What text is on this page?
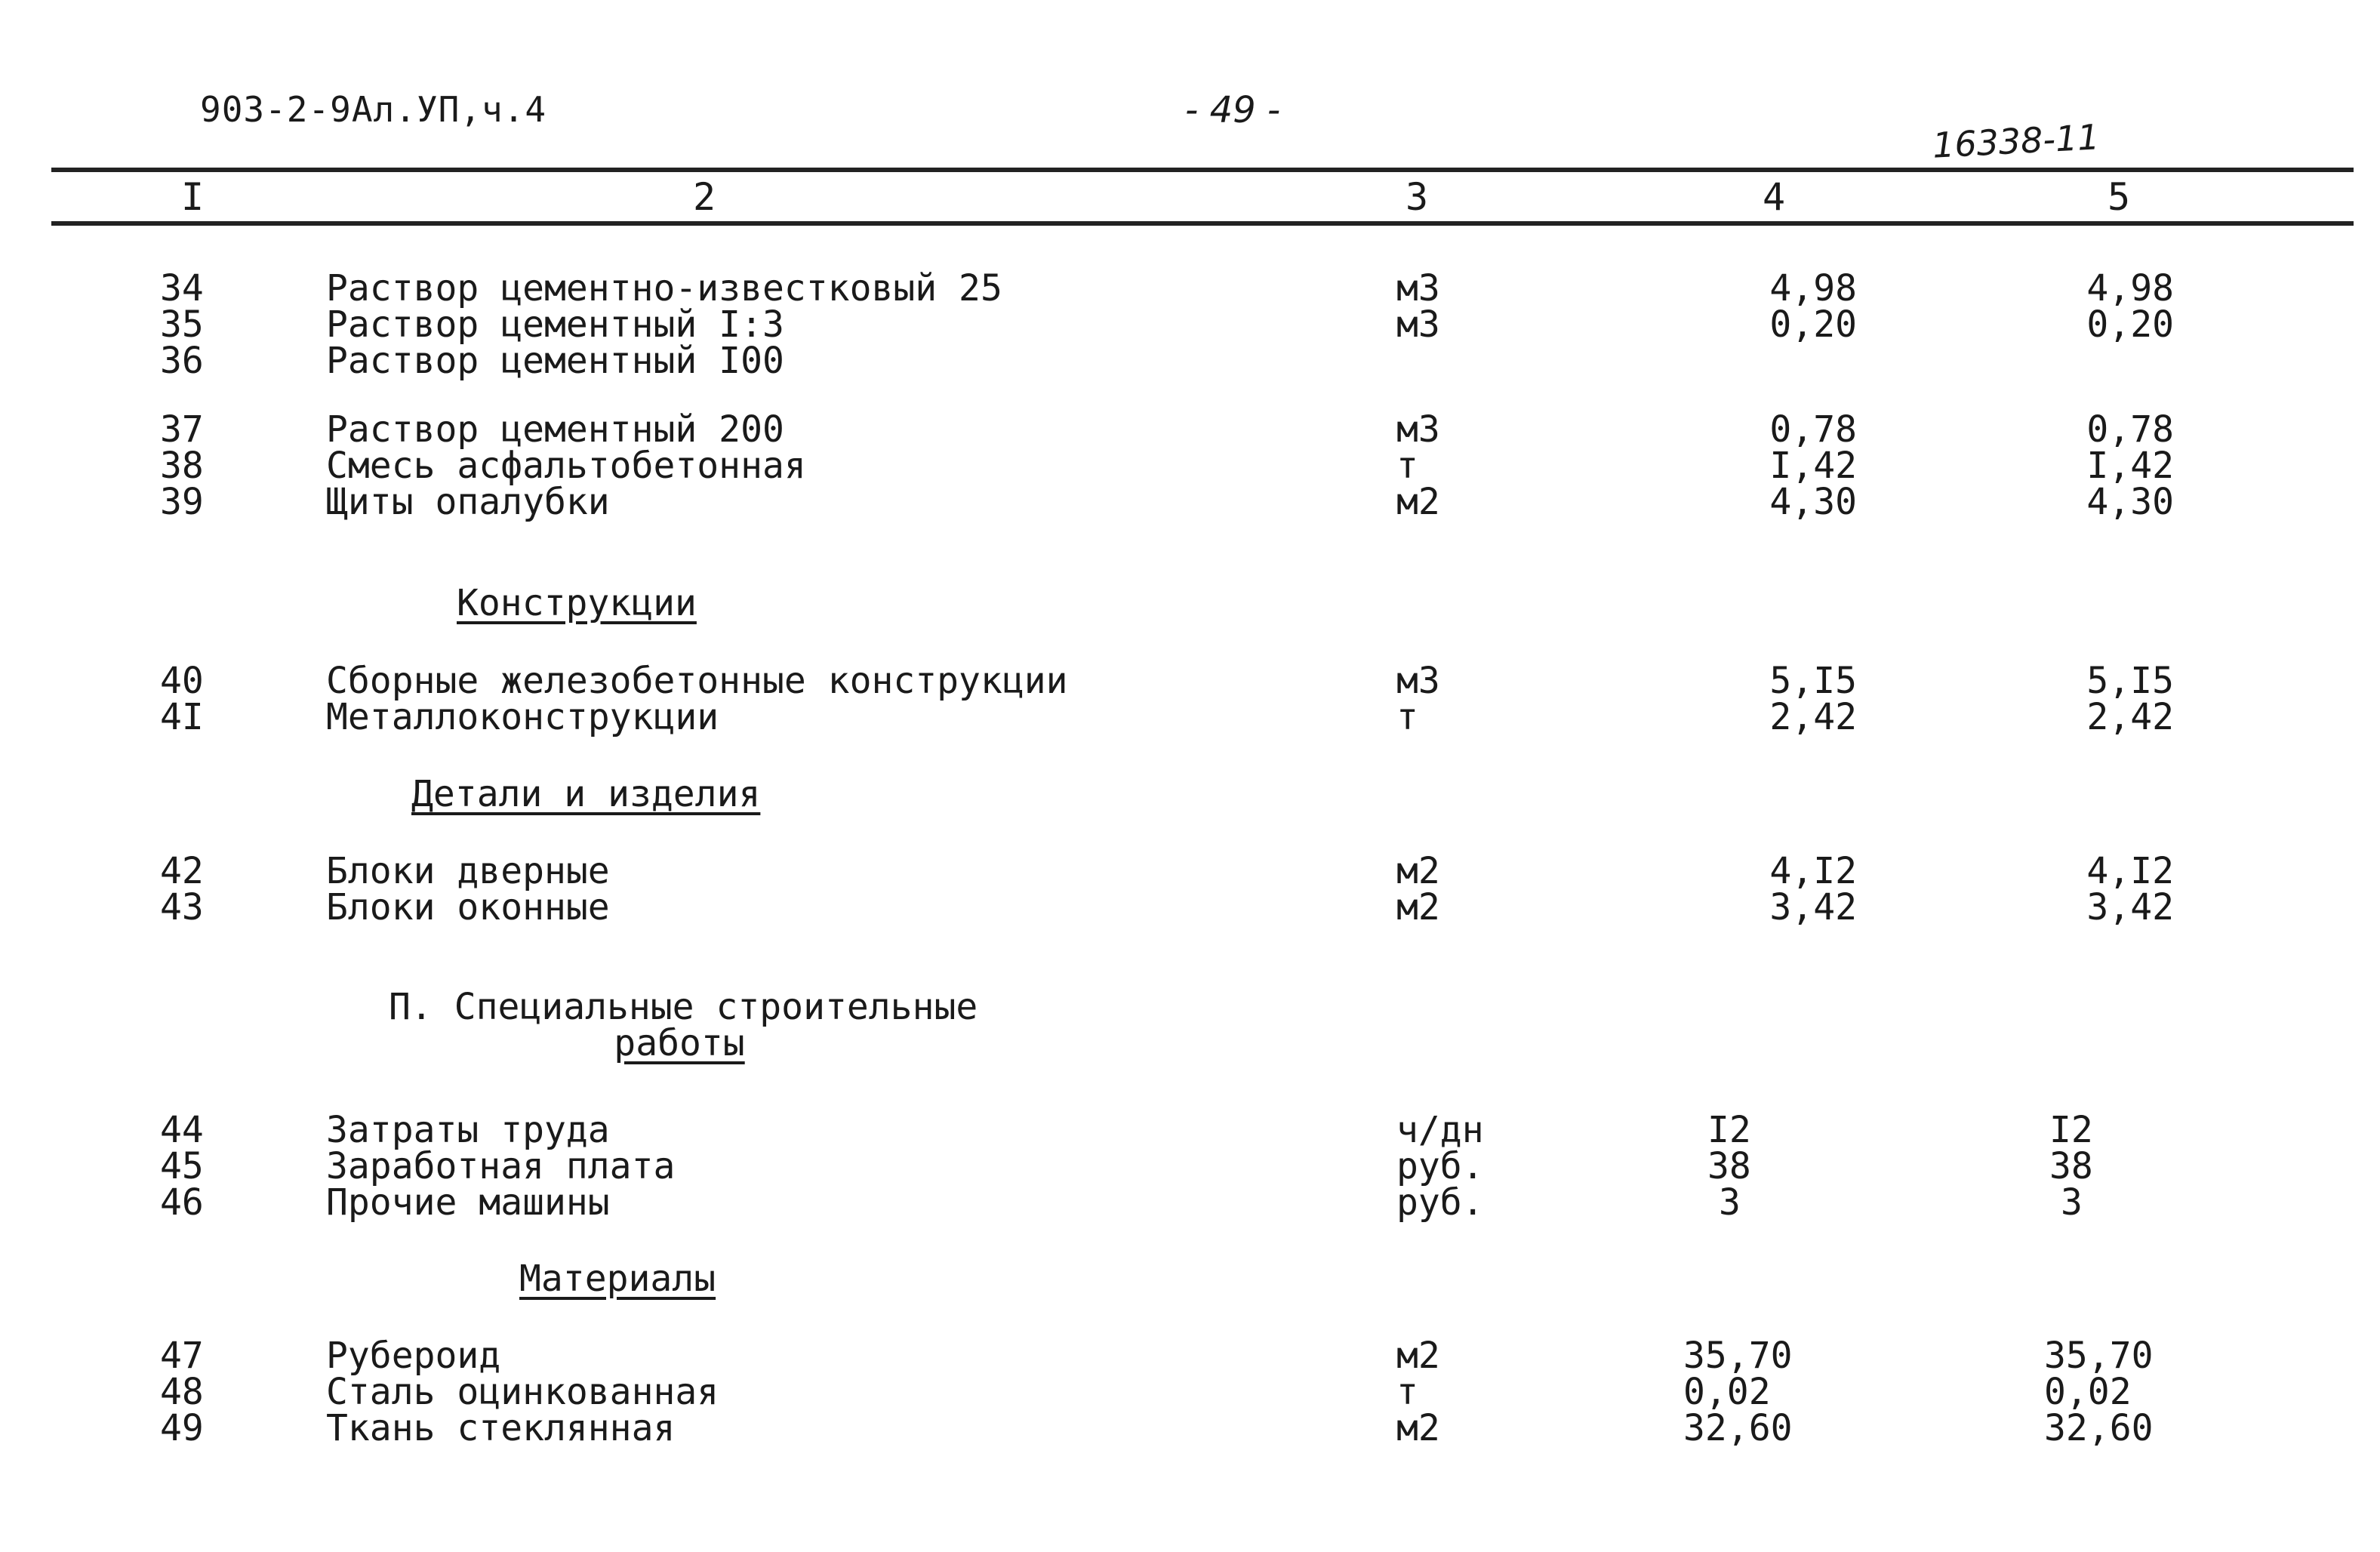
903-2-9Ал.УП,ч.4	- 49 -
16338-11
I	2	3	4	5
34	Раствор цементно-известковый 25	м3	4,98	4,98
35	Раствор цементный I:3	м3	0,20	0,20
36	Раствор цементный I00
37	Раствор цементный 200	м3	0,78	0,78
38	Смесь асфальтобетонная	т	I,42	I,42
39	Щиты опалубки	м2	4,30	4,30
Конструкции
40	Сборные железобетонные конструкции	м3	5,I5	5,I5
4I	Металлоконструкции	т	2,42	2,42
Детали и изделия
42	Блоки дверные	м2	4,I2	4,I2
43	Блоки оконные	м2	3,42	3,42
П. Специальные строительные
работы
44	Затраты труда	ч/дн	I2	I2
45	Заработная плата	руб.	38	38
46	Прочие машины	руб.	3	3
Материалы
47	Рубероид	м2	35,70	35,70
48	Сталь оцинкованная	т	0,02	0,02
49	Ткань стеклянная	м2	32,60	32,60
